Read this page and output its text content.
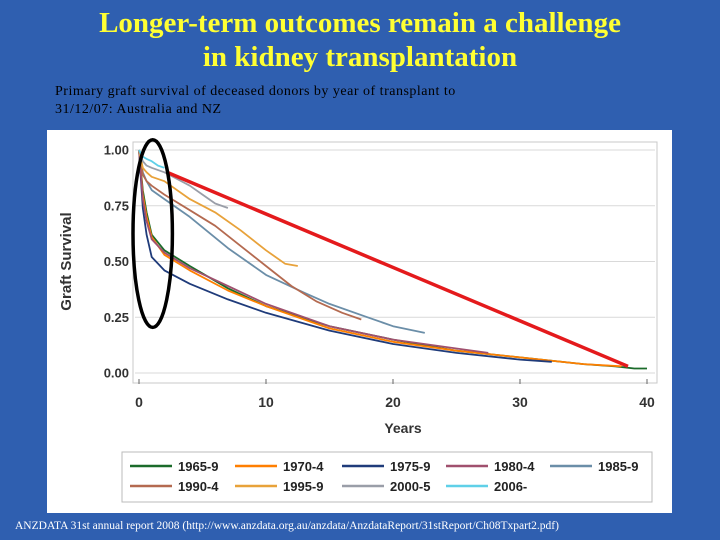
Longer-term outcomes remain a challenge
in kidney transplantation
Primary graft survival of deceased donors by year of transplant to
31/12/07: Australia and NZ
0.00
0.25
0.50
0.75
1.00
0	10	20	30	40
Years
Graft Survival
1965-9	1970-4	1975-9	1980-4	1985-9
1990-4	1995-9	2000-5	2006-
ANZDATA 31st annual report 2008 (http://www.anzdata.org.au/anzdata/AnzdataReport/31stReport/Ch08Txpart2.pdf)
